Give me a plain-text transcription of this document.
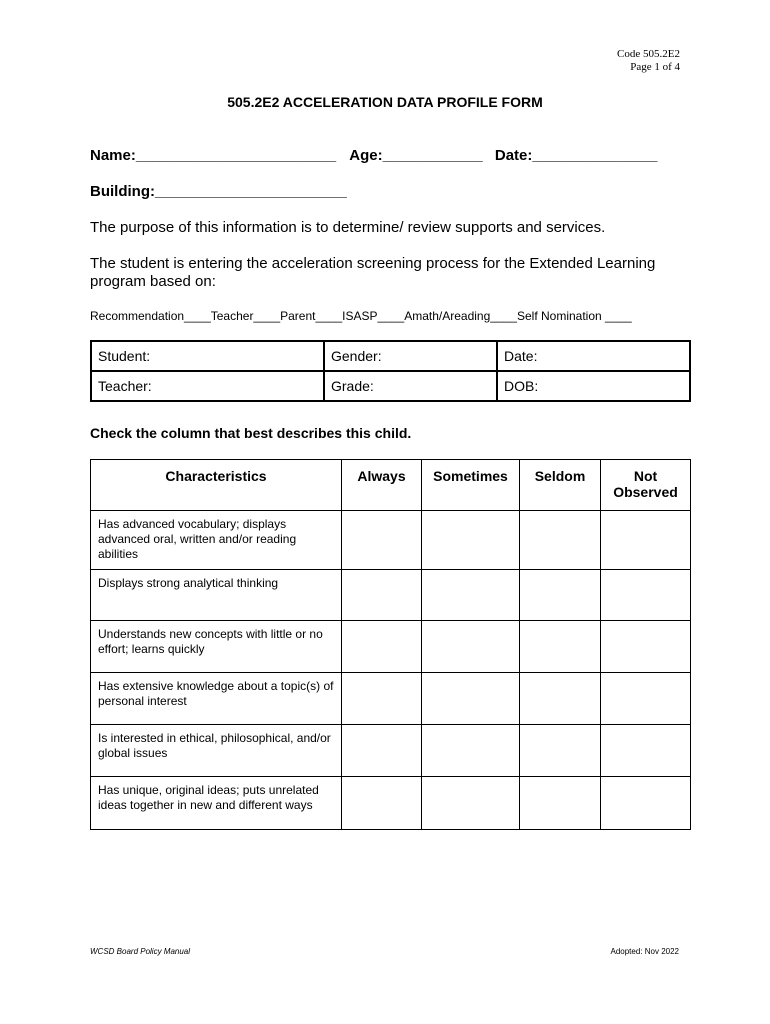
Code 505.2E2
Page 1 of 4
505.2E2 ACCELERATION DATA PROFILE FORM
Name:________________________ Age:____________ Date:_______________
Building:_______________________
The purpose of this information is to determine/ review supports and services.
The student is entering the acceleration screening process for the Extended Learning program based on:
Recommendation____Teacher____Parent____ISASP____Amath/Areading____Self Nomination ____
Student:	Gender:	Date:
Teacher:	Grade:	DOB:
Check the column that best describes this child.
Characteristics	Always	Sometimes	Seldom	Not Observed
Has advanced vocabulary; displays advanced oral, written and/or reading abilities				
Displays strong analytical thinking				
Understands new concepts with little or no effort; learns quickly				
Has extensive knowledge about a topic(s) of personal interest				
Is interested in ethical, philosophical, and/or global issues				
Has unique, original ideas; puts unrelated ideas together in new and different ways				
WCSD Board Policy Manual	Adopted: Nov 2022
